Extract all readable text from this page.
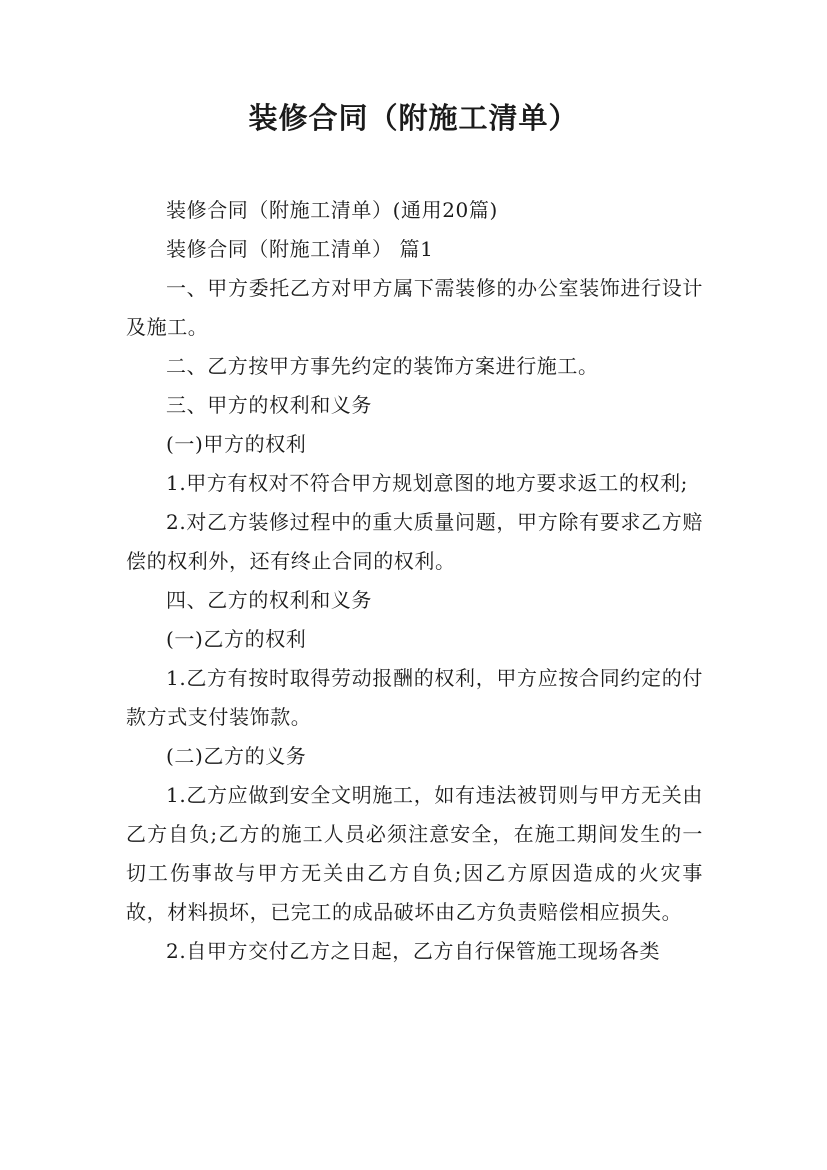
装修合同（附施工清单）

装修合同（附施工清单）(通用20篇)

装修合同（附施工清单） 篇1

一、甲方委托乙方对甲方属下需装修的办公室装饰进行设计及施工。

二、乙方按甲方事先约定的装饰方案进行施工。

三、甲方的权利和义务

(一)甲方的权利

1.甲方有权对不符合甲方规划意图的地方要求返工的权利;

2.对乙方装修过程中的重大质量问题，甲方除有要求乙方赔偿的权利外，还有终止合同的权利。

四、乙方的权利和义务

(一)乙方的权利

1.乙方有按时取得劳动报酬的权利，甲方应按合同约定的付款方式支付装饰款。

(二)乙方的义务

1.乙方应做到安全文明施工，如有违法被罚则与甲方无关由乙方自负;乙方的施工人员必须注意安全，在施工期间发生的一切工伤事故与甲方无关由乙方自负;因乙方原因造成的火灾事故，材料损坏，已完工的成品破坏由乙方负责赔偿相应损失。

2.自甲方交付乙方之日起，乙方自行保管施工现场各类
